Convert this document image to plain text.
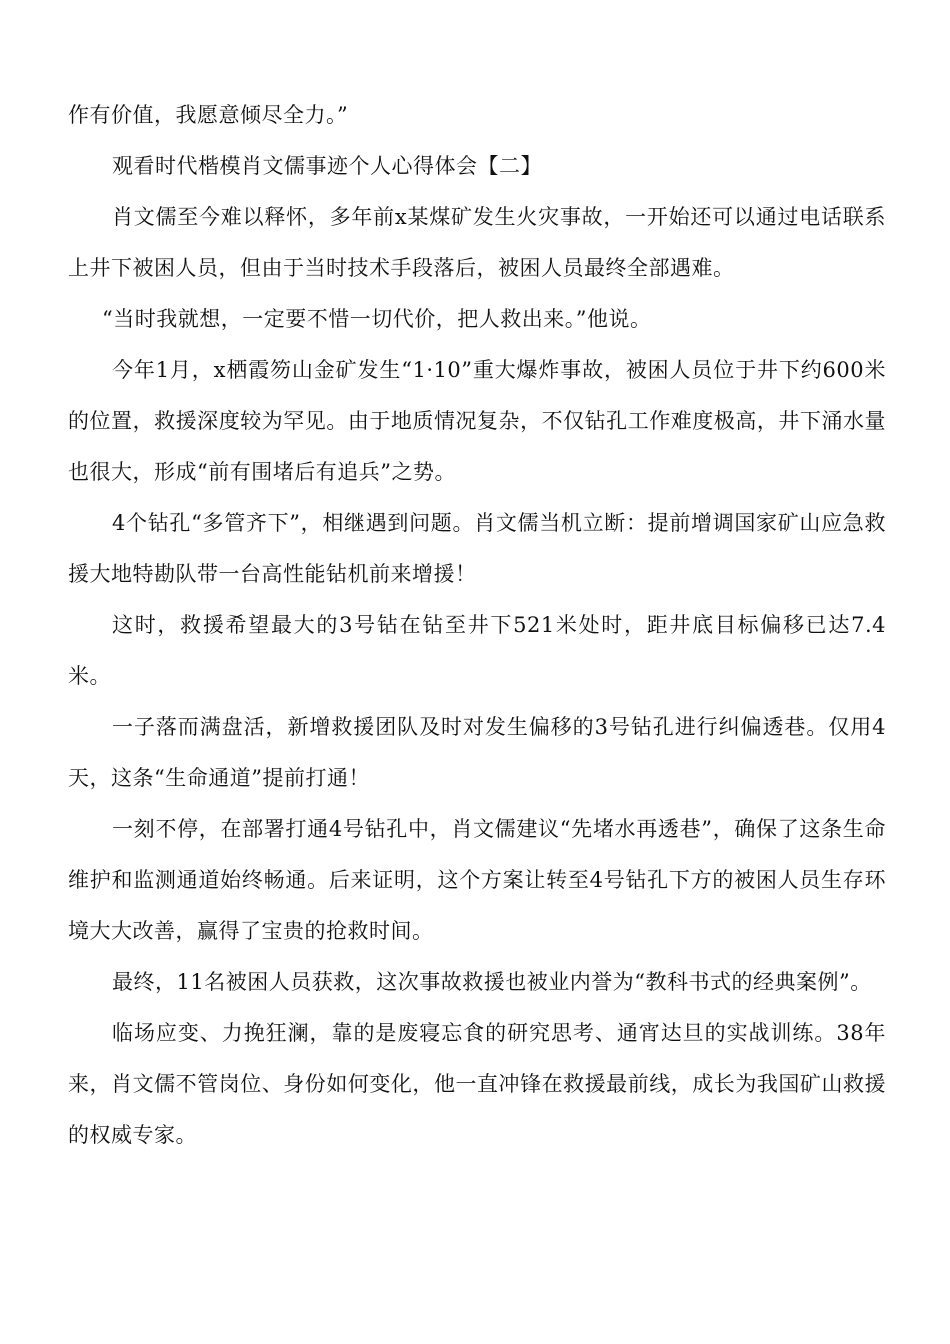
作有价值，我愿意倾尽全力。”

观看时代楷模肖文儒事迹个人心得体会【二】

肖文儒至今难以释怀，多年前x某煤矿发生火灾事故，一开始还可以通过电话联系上井下被困人员，但由于当时技术手段落后，被困人员最终全部遇难。

“当时我就想，一定要不惜一切代价，把人救出来。”他说。

今年1月，x栖霞笏山金矿发生“1·10”重大爆炸事故，被困人员位于井下约600米的位置，救援深度较为罕见。由于地质情况复杂，不仅钻孔工作难度极高，井下涌水量也很大，形成“前有围堵后有追兵”之势。

4个钻孔“多管齐下”，相继遇到问题。肖文儒当机立断：提前增调国家矿山应急救援大地特勘队带一台高性能钻机前来增援！

这时，救援希望最大的3号钻在钻至井下521米处时，距井底目标偏移已达7.4米。

一子落而满盘活，新增救援团队及时对发生偏移的3号钻孔进行纠偏透巷。仅用4天，这条“生命通道”提前打通！

一刻不停，在部署打通4号钻孔中，肖文儒建议“先堵水再透巷”，确保了这条生命维护和监测通道始终畅通。后来证明，这个方案让转至4号钻孔下方的被困人员生存环境大大改善，赢得了宝贵的抢救时间。

最终，11名被困人员获救，这次事故救援也被业内誉为“教科书式的经典案例”。

临场应变、力挽狂澜，靠的是废寝忘食的研究思考、通宵达旦的实战训练。38年来，肖文儒不管岗位、身份如何变化，他一直冲锋在救援最前线，成长为我国矿山救援的权威专家。
